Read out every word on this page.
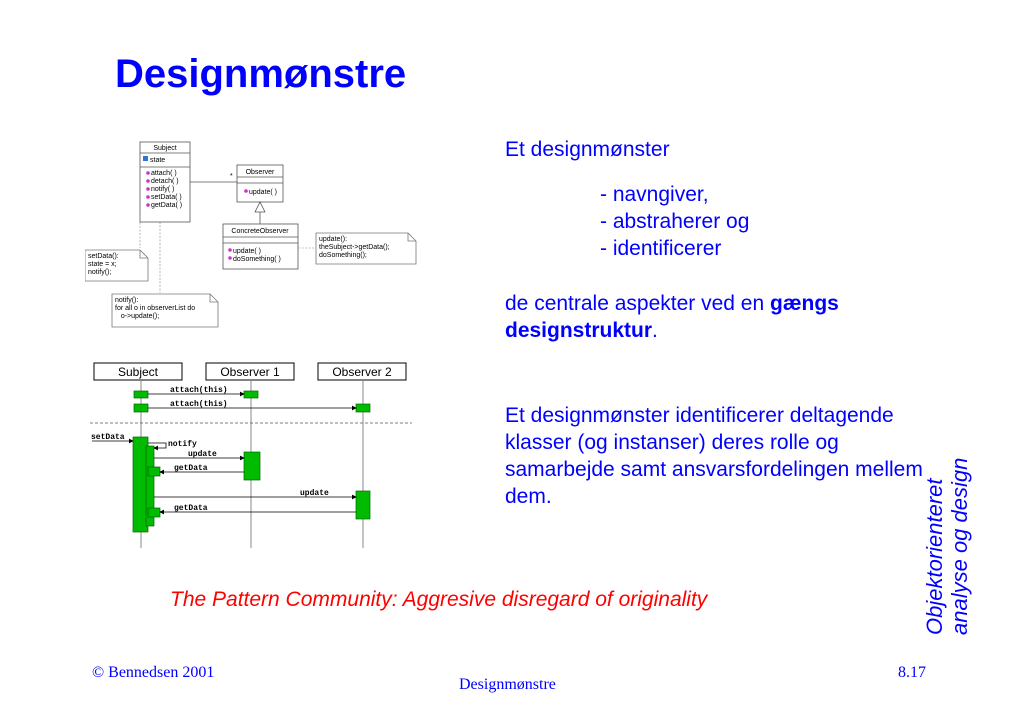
Designmønstre
Subject
state
attach( )
detach( )
notify( )
setData( )
getData( )
*
Observer
update( )
ConcreteObserver
update( )
doSomething( )
update():
theSubject->getData();
doSomething();
setData():
state = x;
notify();
notify():
for all o in observerList do
o->update();
Subject	Observer 1	Observer 2
attach(this)
attach(this)
setData
notify
update
getData
update
getData
Et designmønster
- navngiver,
- abstraherer og
- identificerer
de centrale aspekter ved en gængs designstruktur.
Et designmønster identificerer deltagende klasser (og instanser) deres rolle og samarbejde samt ansvarsfordelingen mellem dem.
The Pattern Community: Aggresive disregard of originality	Objektorienteret analyse og design
© Bennedsen 2001
Designmønstre
8.17
